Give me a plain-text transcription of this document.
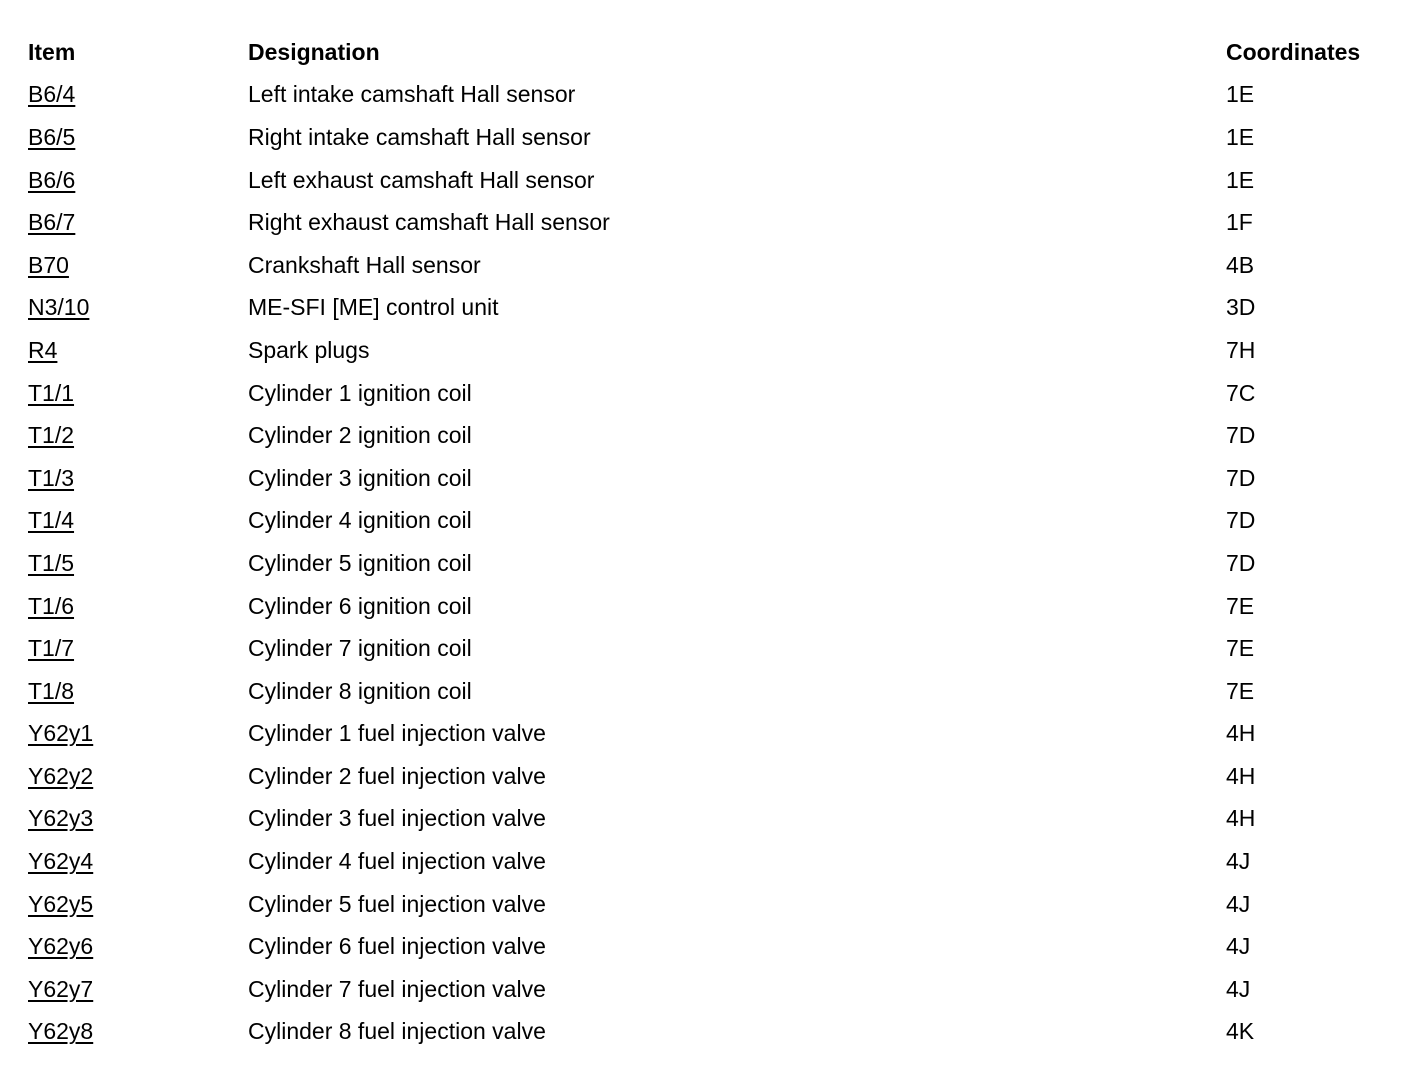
Item	Designation	Coordinates
B6/4	Left intake camshaft Hall sensor	1E
B6/5	Right intake camshaft Hall sensor	1E
B6/6	Left exhaust camshaft Hall sensor	1E
B6/7	Right exhaust camshaft Hall sensor	1F
B70	Crankshaft Hall sensor	4B
N3/10	ME-SFI [ME] control unit	3D
R4	Spark plugs	7H
T1/1	Cylinder 1 ignition coil	7C
T1/2	Cylinder 2 ignition coil	7D
T1/3	Cylinder 3 ignition coil	7D
T1/4	Cylinder 4 ignition coil	7D
T1/5	Cylinder 5 ignition coil	7D
T1/6	Cylinder 6 ignition coil	7E
T1/7	Cylinder 7 ignition coil	7E
T1/8	Cylinder 8 ignition coil	7E
Y62y1	Cylinder 1 fuel injection valve	4H
Y62y2	Cylinder 2 fuel injection valve	4H
Y62y3	Cylinder 3 fuel injection valve	4H
Y62y4	Cylinder 4 fuel injection valve	4J
Y62y5	Cylinder 5 fuel injection valve	4J
Y62y6	Cylinder 6 fuel injection valve	4J
Y62y7	Cylinder 7 fuel injection valve	4J
Y62y8	Cylinder 8 fuel injection valve	4K
